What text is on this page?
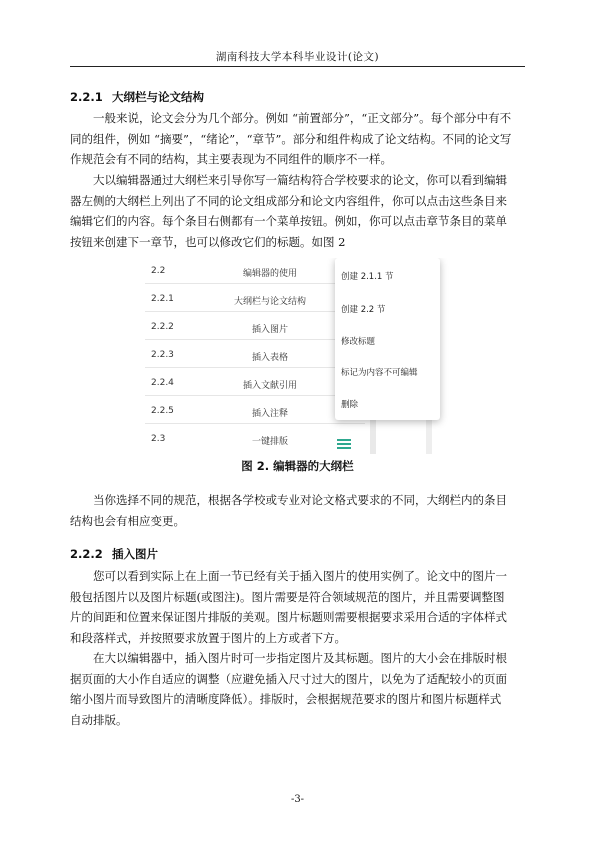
湖南科技大学本科毕业设计(论文)
2.2.1 大纲栏与论文结构
一般来说，论文会分为几个部分。例如 “前置部分”，“正文部分”。每个部分中有不
同的组件，例如 “摘要”，“绪论”，“章节”。部分和组件构成了论文结构。不同的论文写
作规范会有不同的结构，其主要表现为不同组件的顺序不一样。
大以编辑器通过大纲栏来引导你写一篇结构符合学校要求的论文，你可以看到编辑
器左侧的大纲栏上列出了不同的论文组成部分和论文内容组件，你可以点击这些条目来
编辑它们的内容。每个条目右侧都有一个菜单按钮。例如，你可以点击章节条目的菜单
按钮来创建下一章节，也可以修改它们的标题。如图 2
2.2	编辑器的使用
2.2.1	大纲栏与论文结构
2.2.2	插入图片
2.2.3	插入表格
2.2.4	插入文献引用
2.2.5	插入注释
2.3	一键排版
创建 2.1.1 节
创建 2.2 节
修改标题
标记为内容不可编辑
删除
图 2. 编辑器的大纲栏
当你选择不同的规范，根据各学校或专业对论文格式要求的不同，大纲栏内的条目
结构也会有相应变更。
2.2.2 插入图片
您可以看到实际上在上面一节已经有关于插入图片的使用实例了。论文中的图片一
般包括图片以及图片标题(或图注)。图片需要是符合领域规范的图片，并且需要调整图
片的间距和位置来保证图片排版的美观。图片标题则需要根据要求采用合适的字体样式
和段落样式，并按照要求放置于图片的上方或者下方。
在大以编辑器中，插入图片时可一步指定图片及其标题。图片的大小会在排版时根
据页面的大小作自适应的调整（应避免插入尺寸过大的图片，以免为了适配较小的页面
缩小图片而导致图片的清晰度降低）。排版时，会根据规范要求的图片和图片标题样式
自动排版。
-3-
